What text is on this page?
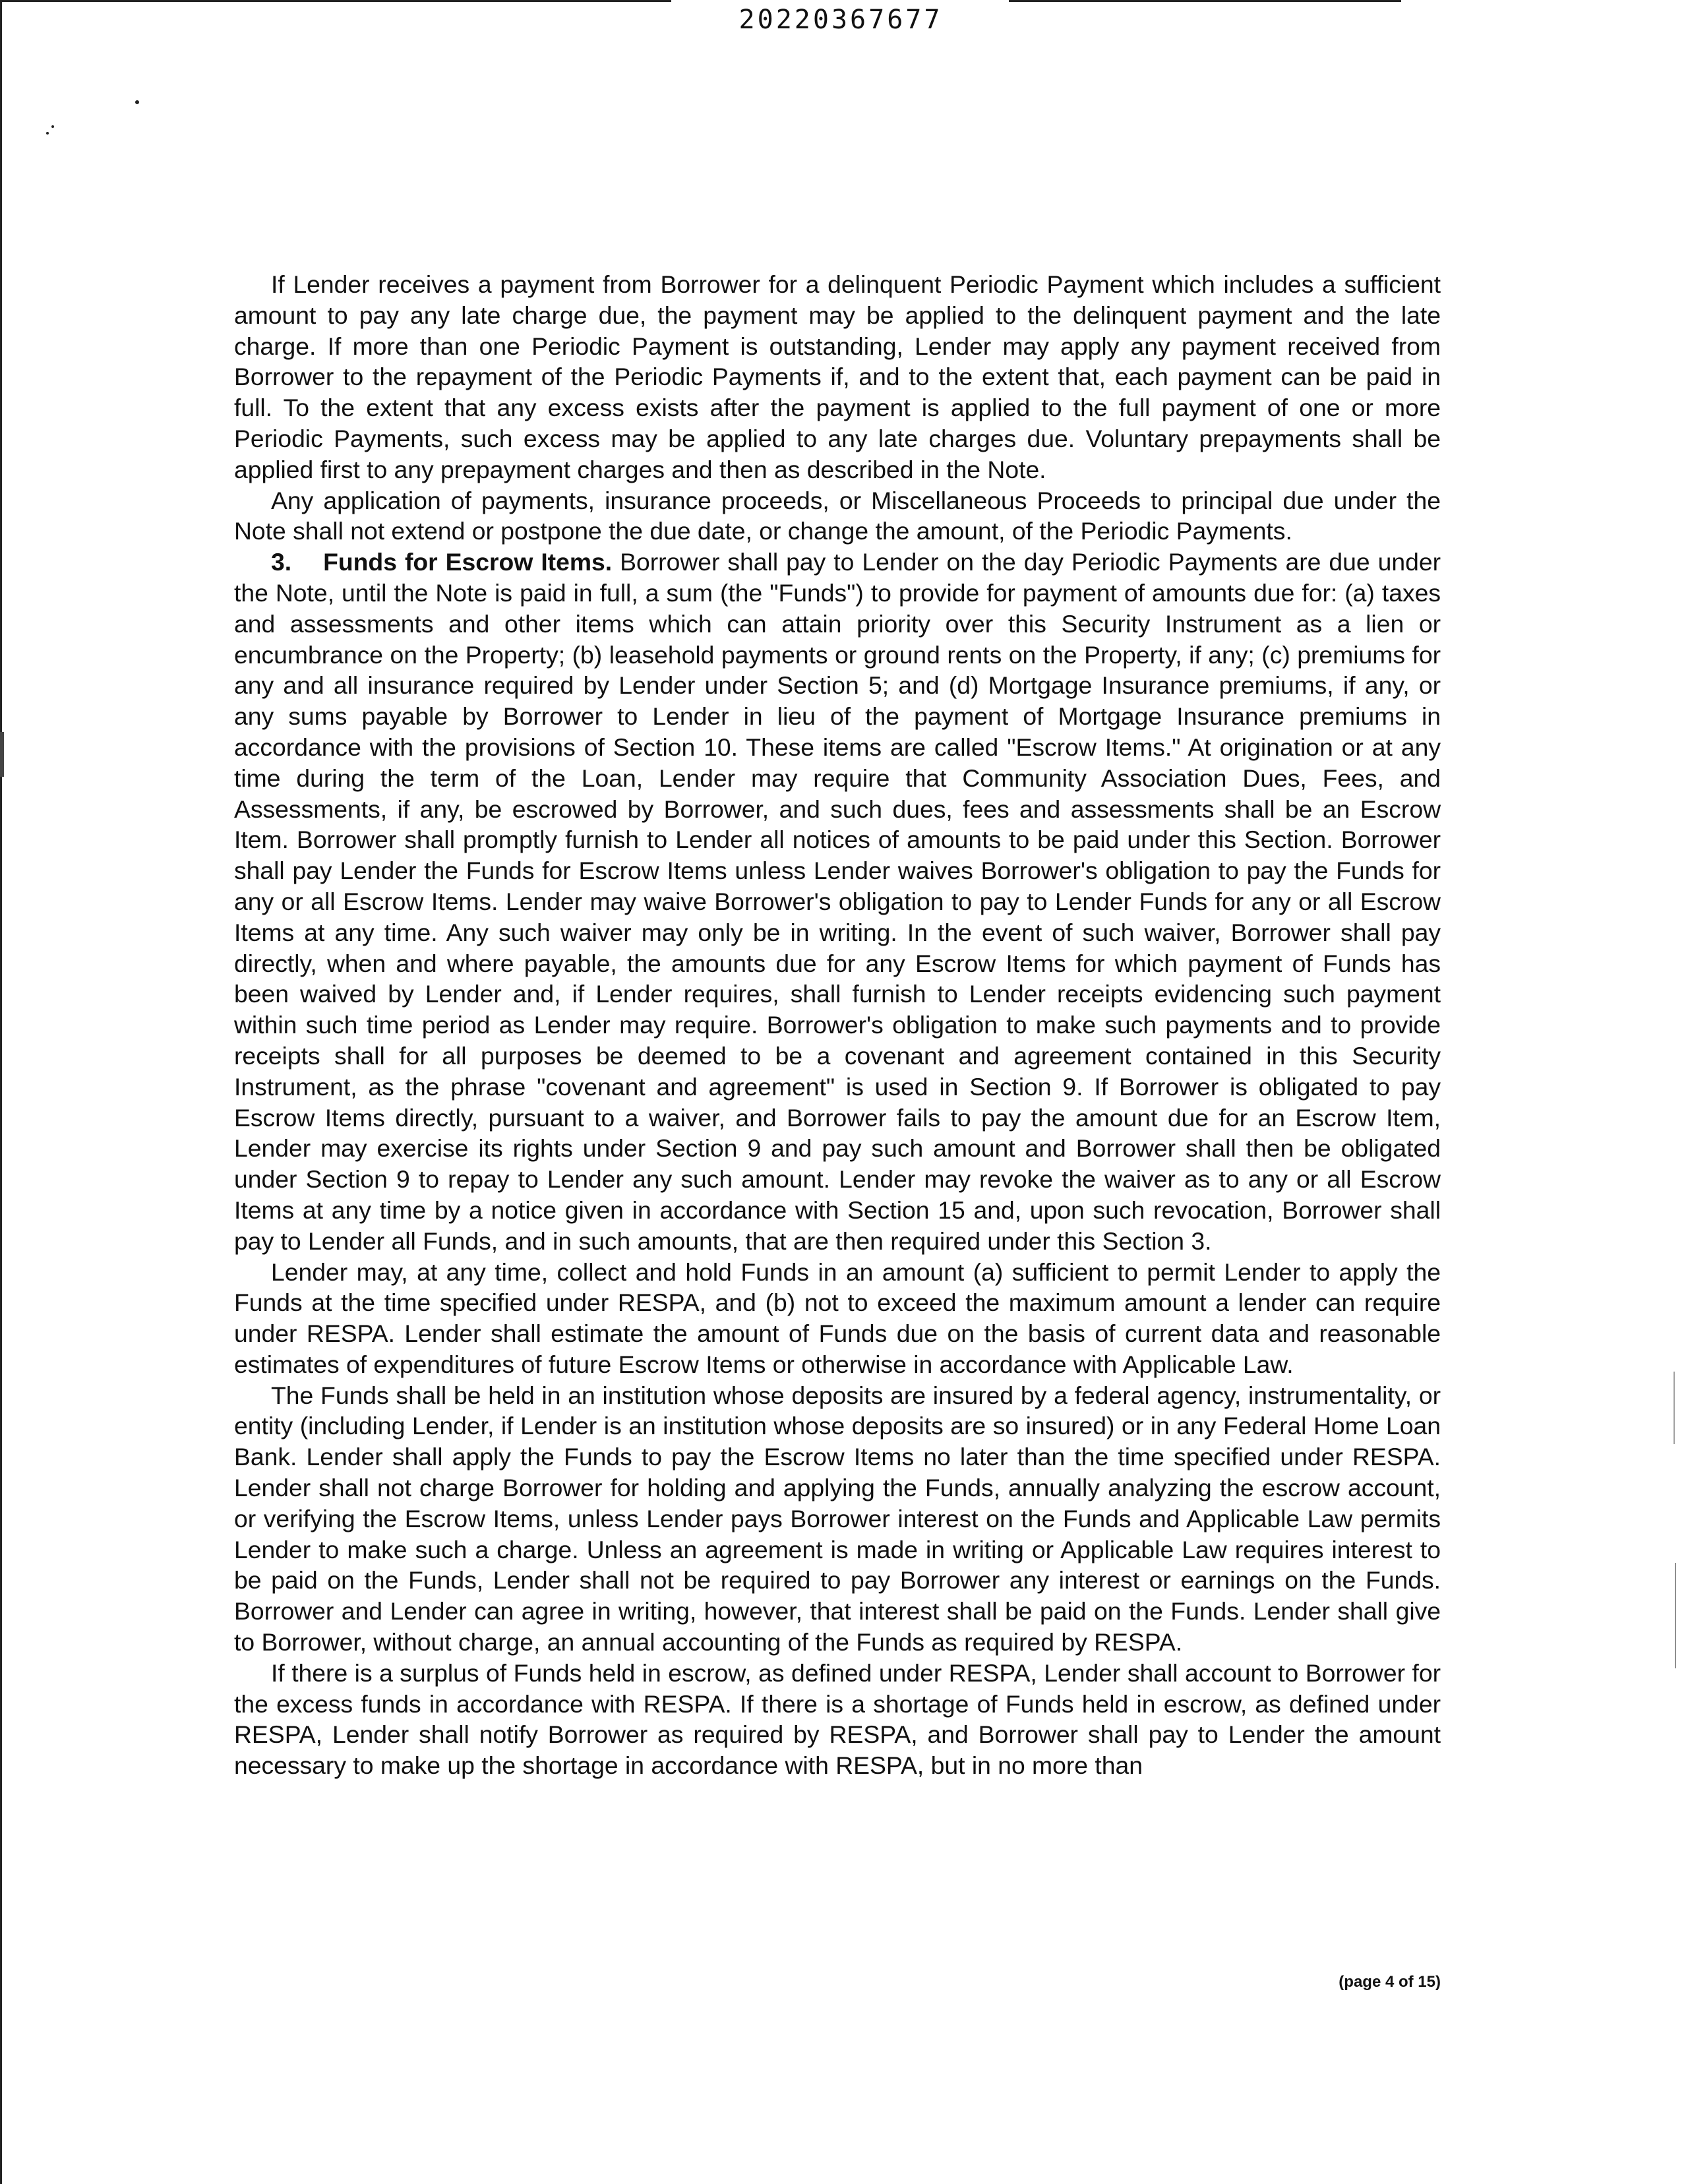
20220367677

If Lender receives a payment from Borrower for a delinquent Periodic Payment which includes a sufficient amount to pay any late charge due, the payment may be applied to the delinquent payment and the late charge. If more than one Periodic Payment is outstanding, Lender may apply any payment received from Borrower to the repayment of the Periodic Payments if, and to the extent that, each payment can be paid in full. To the extent that any excess exists after the payment is applied to the full payment of one or more Periodic Payments, such excess may be applied to any late charges due. Voluntary prepayments shall be applied first to any prepayment charges and then as described in the Note.

Any application of payments, insurance proceeds, or Miscellaneous Proceeds to principal due under the Note shall not extend or postpone the due date, or change the amount, of the Periodic Payments.

3.    Funds for Escrow Items. Borrower shall pay to Lender on the day Periodic Payments are due under the Note, until the Note is paid in full, a sum (the "Funds") to provide for payment of amounts due for: (a) taxes and assessments and other items which can attain priority over this Security Instrument as a lien or encumbrance on the Property; (b) leasehold payments or ground rents on the Property, if any; (c) premiums for any and all insurance required by Lender under Section 5; and (d) Mortgage Insurance premiums, if any, or any sums payable by Borrower to Lender in lieu of the payment of Mortgage Insurance premiums in accordance with the provisions of Section 10. These items are called "Escrow Items." At origination or at any time during the term of the Loan, Lender may require that Community Association Dues, Fees, and Assessments, if any, be escrowed by Borrower, and such dues, fees and assessments shall be an Escrow Item. Borrower shall promptly furnish to Lender all notices of amounts to be paid under this Section. Borrower shall pay Lender the Funds for Escrow Items unless Lender waives Borrower's obligation to pay the Funds for any or all Escrow Items. Lender may waive Borrower's obligation to pay to Lender Funds for any or all Escrow Items at any time. Any such waiver may only be in writing. In the event of such waiver, Borrower shall pay directly, when and where payable, the amounts due for any Escrow Items for which payment of Funds has been waived by Lender and, if Lender requires, shall furnish to Lender receipts evidencing such payment within such time period as Lender may require. Borrower's obligation to make such payments and to provide receipts shall for all purposes be deemed to be a covenant and agreement contained in this Security Instrument, as the phrase "covenant and agreement" is used in Section 9. If Borrower is obligated to pay Escrow Items directly, pursuant to a waiver, and Borrower fails to pay the amount due for an Escrow Item, Lender may exercise its rights under Section 9 and pay such amount and Borrower shall then be obligated under Section 9 to repay to Lender any such amount. Lender may revoke the waiver as to any or all Escrow Items at any time by a notice given in accordance with Section 15 and, upon such revocation, Borrower shall pay to Lender all Funds, and in such amounts, that are then required under this Section 3.

Lender may, at any time, collect and hold Funds in an amount (a) sufficient to permit Lender to apply the Funds at the time specified under RESPA, and (b) not to exceed the maximum amount a lender can require under RESPA. Lender shall estimate the amount of Funds due on the basis of current data and reasonable estimates of expenditures of future Escrow Items or otherwise in accordance with Applicable Law.

The Funds shall be held in an institution whose deposits are insured by a federal agency, instrumentality, or entity (including Lender, if Lender is an institution whose deposits are so insured) or in any Federal Home Loan Bank. Lender shall apply the Funds to pay the Escrow Items no later than the time specified under RESPA. Lender shall not charge Borrower for holding and applying the Funds, annually analyzing the escrow account, or verifying the Escrow Items, unless Lender pays Borrower interest on the Funds and Applicable Law permits Lender to make such a charge. Unless an agreement is made in writing or Applicable Law requires interest to be paid on the Funds, Lender shall not be required to pay Borrower any interest or earnings on the Funds. Borrower and Lender can agree in writing, however, that interest shall be paid on the Funds. Lender shall give to Borrower, without charge, an annual accounting of the Funds as required by RESPA.

If there is a surplus of Funds held in escrow, as defined under RESPA, Lender shall account to Borrower for the excess funds in accordance with RESPA. If there is a shortage of Funds held in escrow, as defined under RESPA, Lender shall notify Borrower as required by RESPA, and Borrower shall pay to Lender the amount necessary to make up the shortage in accordance with RESPA, but in no more than

(page 4 of 15)
